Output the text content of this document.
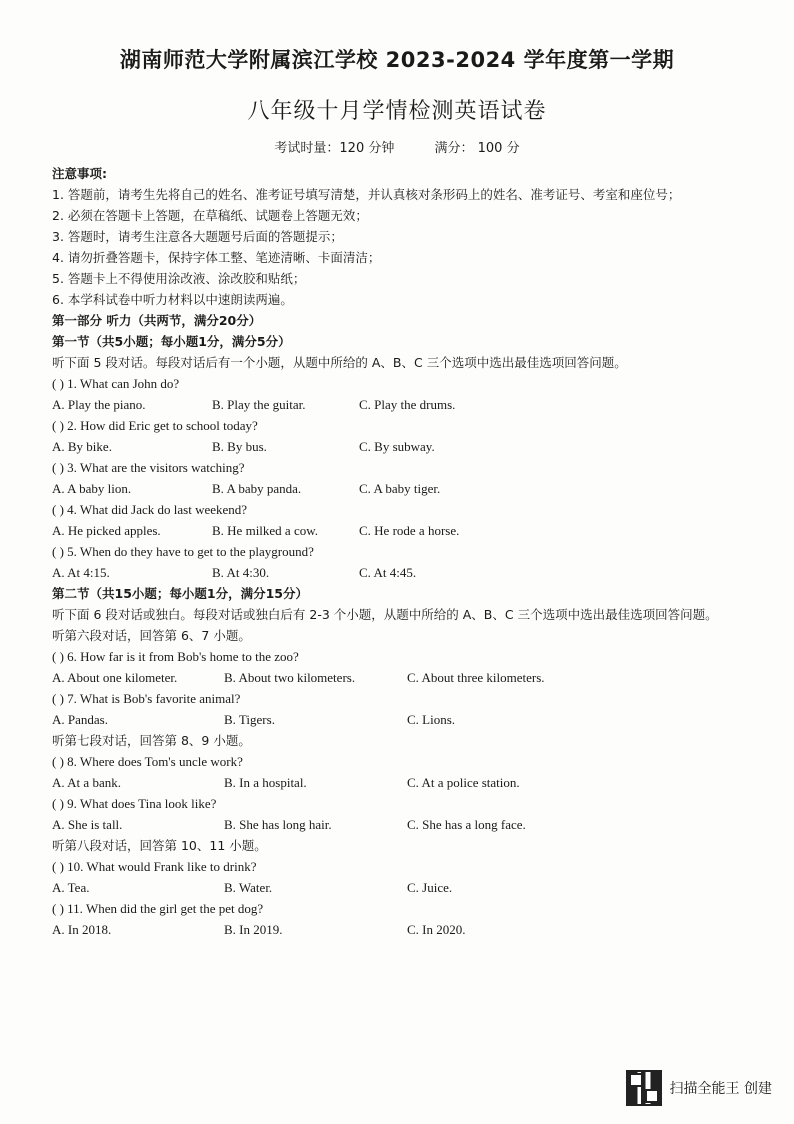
湖南师范大学附属滨江学校 2023-2024 学年度第一学期
八年级十月学情检测英语试卷
考试时量：120 分钟	满分： 100 分
注意事项:
1. 答题前，请考生先将自己的姓名、准考证号填写清楚，并认真核对条形码上的姓名、准考证号、考室和座位号；
2. 必须在答题卡上答题，在草稿纸、试题卷上答题无效；
3. 答题时，请考生注意各大题题号后面的答题提示；
4. 请勿折叠答题卡，保持字体工整、笔迹清晰、卡面清洁；
5. 答题卡上不得使用涂改液、涂改胶和贴纸；
6. 本学科试卷中听力材料以中速朗读两遍。
第一部分 听力（共两节，满分20分）
第一节（共5小题；每小题1分，满分5分）
听下面 5 段对话。每段对话后有一个小题，从题中所给的 A、B、C 三个选项中选出最佳选项回答问题。
( ) 1. What can John do?
A. Play the piano.	B. Play the guitar.	C. Play the drums.
( ) 2. How did Eric get to school today?
A. By bike.	B. By bus.	C. By subway.
( ) 3. What are the visitors watching?
A. A baby lion.	B. A baby panda.	C. A baby tiger.
( ) 4. What did Jack do last weekend?
A. He picked apples.	B. He milked a cow.	C. He rode a horse.
( ) 5. When do they have to get to the playground?
A. At 4:15.	B. At 4:30.	C. At 4:45.
第二节（共15小题；每小题1分，满分15分）
听下面 6 段对话或独白。每段对话或独白后有 2-3 个小题，从题中所给的 A、B、C 三个选项中选出最佳选项回答问题。
听第六段对话，回答第 6、7 小题。
( ) 6. How far is it from Bob's home to the zoo?
A. About one kilometer.	B. About two kilometers.	C. About three kilometers.
( ) 7. What is Bob's favorite animal?
A. Pandas.	B. Tigers.	C. Lions.
听第七段对话，回答第 8、9 小题。
( ) 8. Where does Tom's uncle work?
A. At a bank.	B. In a hospital.	C. At a police station.
( ) 9. What does Tina look like?
A. She is tall.	B. She has long hair.	C. She has a long face.
听第八段对话，回答第 10、11 小题。
( ) 10. What would Frank like to drink?
A. Tea.	B. Water.	C. Juice.
( ) 11. When did the girl get the pet dog?
A. In 2018.	B. In 2019.	C. In 2020.
扫描全能王 创建
